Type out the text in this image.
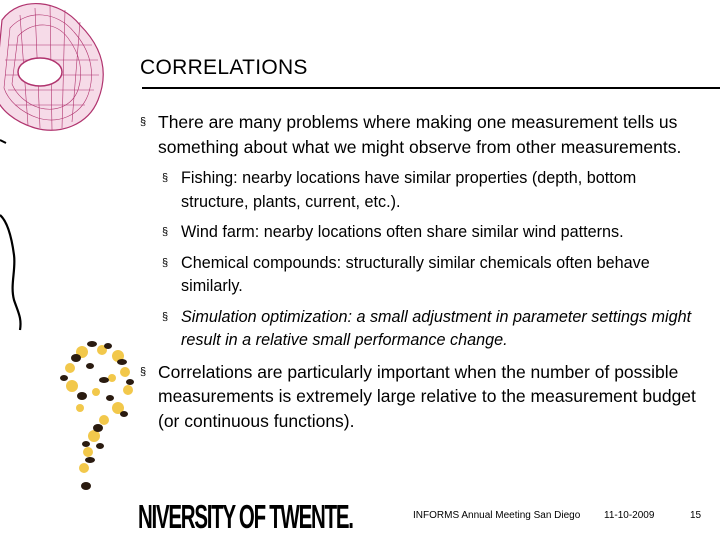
CORRELATIONS
§ There are many problems where making one measurement tells us something about what we might observe from other measurements.
§ Fishing: nearby locations have similar properties (depth, bottom structure, plants, current, etc.).
§ Wind farm: nearby locations often share similar wind patterns.
§ Chemical compounds: structurally similar chemicals often behave similarly.
§ Simulation optimization: a small adjustment in parameter settings might result in a relative small performance change.
§ Correlations are particularly important when the number of possible measurements is extremely large relative to the measurement budget (or continuous functions).
NIVERSITY OF TWENTE.	INFORMS Annual Meeting San Diego 11-10-2009	15
